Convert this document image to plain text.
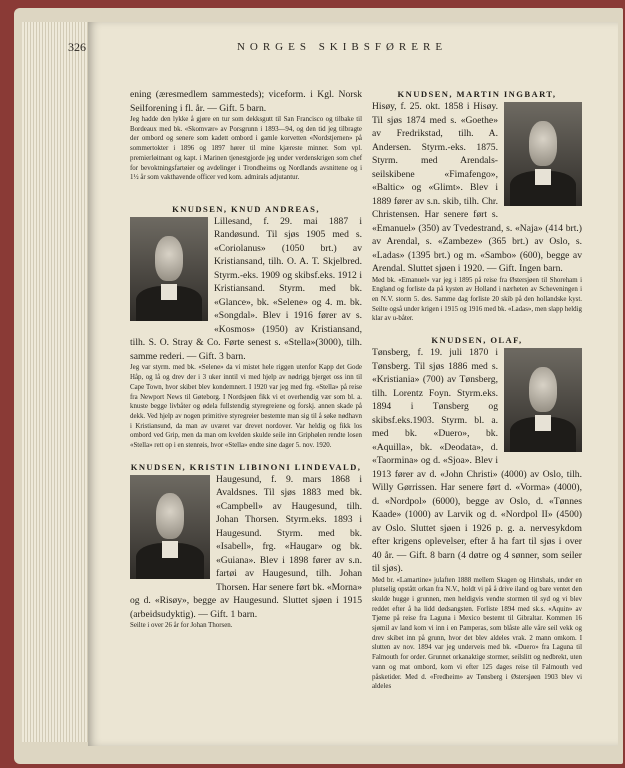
326	NORGES SKIBSFØRERE

ening (æresmedlem sammesteds); viceform. i Kgl. Norsk Seilforening i fl. år. — Gift. 5 barn.

Jeg hadde den lykke å gjøre en tur som dekksgutt til San Francisco og tilbake til Bordeaux med bk. «Skomvær» av Porsgrunn i 1893—94, og den tid jeg tilbragte der ombord og senere som kadett ombord i gamle korvetten «Nordstjernen» på sommertokter i 1896 og 1897 hører til mine kjæreste minner. Som vpl. premierløitnant og kapt. i Marinen tjenestgjorde jeg under verdenskrigen som chef for bevoktningsfartøier og avdelinger i Trondheims og Nordlands avsnittene og i 1½ år som vakthavende officer ved kom. admirals adjutantur.

KNUDSEN, KNUD ANDREAS,

Lillesand, f. 29. mai 1887 i Randøsund. Til sjøs 1905 med s. «Coriolanus» (1050 brt.) av Kristiansand, tilh. O. A. T. Skjelbred. Styrm.-eks. 1909 og skibsf.eks. 1912 i Kristiansand. Styrm. med bk. «Glance», bk. «Selene» og 4. m. bk. «Songdal». Blev i 1916 fører av s. «Kosmos» (1950) av Kristiansand, tilh. S. O. Stray & Co. Førte senest s. «Stella»(3000), tilh. samme rederi. — Gift. 3 barn.

Jeg var styrm. med bk. «Selene» da vi mistet hele riggen utenfor Kapp det Gode Håp, og lå og drev der i 3 uker inntil vi med hjelp av nødrigg bjerget oss inn til Cape Town, hvor skibet blev kondemnert. I 1920 var jeg med frg. «Stella» på reise fra Newport News til Gøteborg. I Nordsjøen fikk vi et overhendig vær som bl. a. knuste begge livbåter og ødela fullstendig styregreiene og forskj. annen skade på dekk. Ved hjelp av nogen primitive styregreier bestemte man sig til å søke nødhavn i Kristiansund, da man av uværet var drevet nordover. Var heldig og fikk los ombord ved Grip, men da man om kvelden skulde seile inn Griphølen rendte losen «Stella» rett op i en stenrøis, hvor «Stella» endte sine dager 5. nov. 1920.

KNUDSEN, KRISTIN LIBINONI LINDEVALD,

Haugesund, f. 9. mars 1868 i Avaldsnes. Til sjøs 1883 med bk. «Campbell» av Haugesund, tilh. Johan Thorsen. Styrm.eks. 1893 i Haugesund. Styrm. med bk. «Isabell», frg. «Haugar» og bk. «Guiana». Blev i 1898 fører av s.n. fartøi av Haugesund, tilh. Johan Thorsen. Har senere ført bk. «Morna» og d. «Risøy», begge av Haugesund. Sluttet sjøen i 1915 (arbeidsudyktig). — Gift. 1 barn.

Seilte i over 26 år for Johan Thorsen.

KNUDSEN, MARTIN INGBART,

Hisøy, f. 25. okt. 1858 i Hisøy. Til sjøs 1874 med s. «Goethe» av Fredrikstad, tilh. A. Andersen. Styrm.-eks. 1875. Styrm. med Arendals-seilskibene «Fimafengo», «Baltic» og «Glimt». Blev i 1889 fører av s.n. skib, tilh. Chr. Christensen. Har senere ført s. «Emanuel» (350) av Tvedestrand, s. «Naja» (414 brt.) av Arendal, s. «Zambeze» (365 brt.) av Oslo, s. «Ladas» (1395 brt.) og m. «Sambo» (600), begge av Arendal. Sluttet sjøen i 1920. — Gift. Ingen barn.

Med bk. «Emanuel» var jeg i 1895 på reise fra Østersjøen til Shoreham i England og forliste da på kysten av Holland i nærheten av Scheveningen i en N.V. storm 5. des. Samme dag forliste 20 skib på den hollandske kyst. Seilte også under krigen i 1915 og 1916 med bk. «Ladas», men slapp heldig klar av u-båter.

KNUDSEN, OLAF,

Tønsberg, f. 19. juli 1870 i Tønsberg. Til sjøs 1886 med s. «Kristiania» (700) av Tønsberg, tilh. Lorentz Foyn. Styrm.eks. 1894 i Tønsberg og skibsf.eks.1903. Styrm. bl. a. med bk. «Duero», bk. «Aquilla», bk. «Deodata», d. «Taormina» og d. «Sjoa». Blev i 1913 fører av d. «John Christi» (4000) av Oslo, tilh. Willy Gørrissen. Har senere ført d. «Vorma» (4000), d. «Nordpol» (6000), begge av Oslo, d. «Tønnes Kaade» (1000) av Larvik og d. «Nordpol II» (4500) av Oslo. Sluttet sjøen i 1926 p. g. a. nervesykdom efter krigens oplevelser, efter å ha fart til sjøs i over 40 år. — Gift. 8 barn (4 døtre og 4 sønner, som seiler til sjøs).

Med br. «Lamartine» julaften 1888 mellem Skagen og Hirtshals, under en plutselig opstått orkan fra N.V., holdt vi på å drive iland og bare ventet den skulde hugge i grunnen, men heldigvis vendte stormen til syd og vi blev reddet efter å ha lidd dødsangsten. Forliste 1894 med sk.s. «Aquin» av Tjøme på reise fra Laguna i Mexico bestemt til Gibraltar. Kommen 16 sjømil av land kom vi inn i en Pamperas, som blåste alle våre seil vekk og drev skibet inn på grunn, hvor det blev aldeles vrak. 2 mann omkom. I slutten av nov. 1894 var jeg underveis med bk. «Duero» fra Laguna til Falmouth for order. Grunnet orkanaktige stormer, seilslitt og nedbrekt, uten vann og mat ombord, kom vi efter 125 dages reise til Falmouth ved påsketider. Med d. «Fredheim» av Tønsberg i Østersjøen 1903 blev vi aldeles
